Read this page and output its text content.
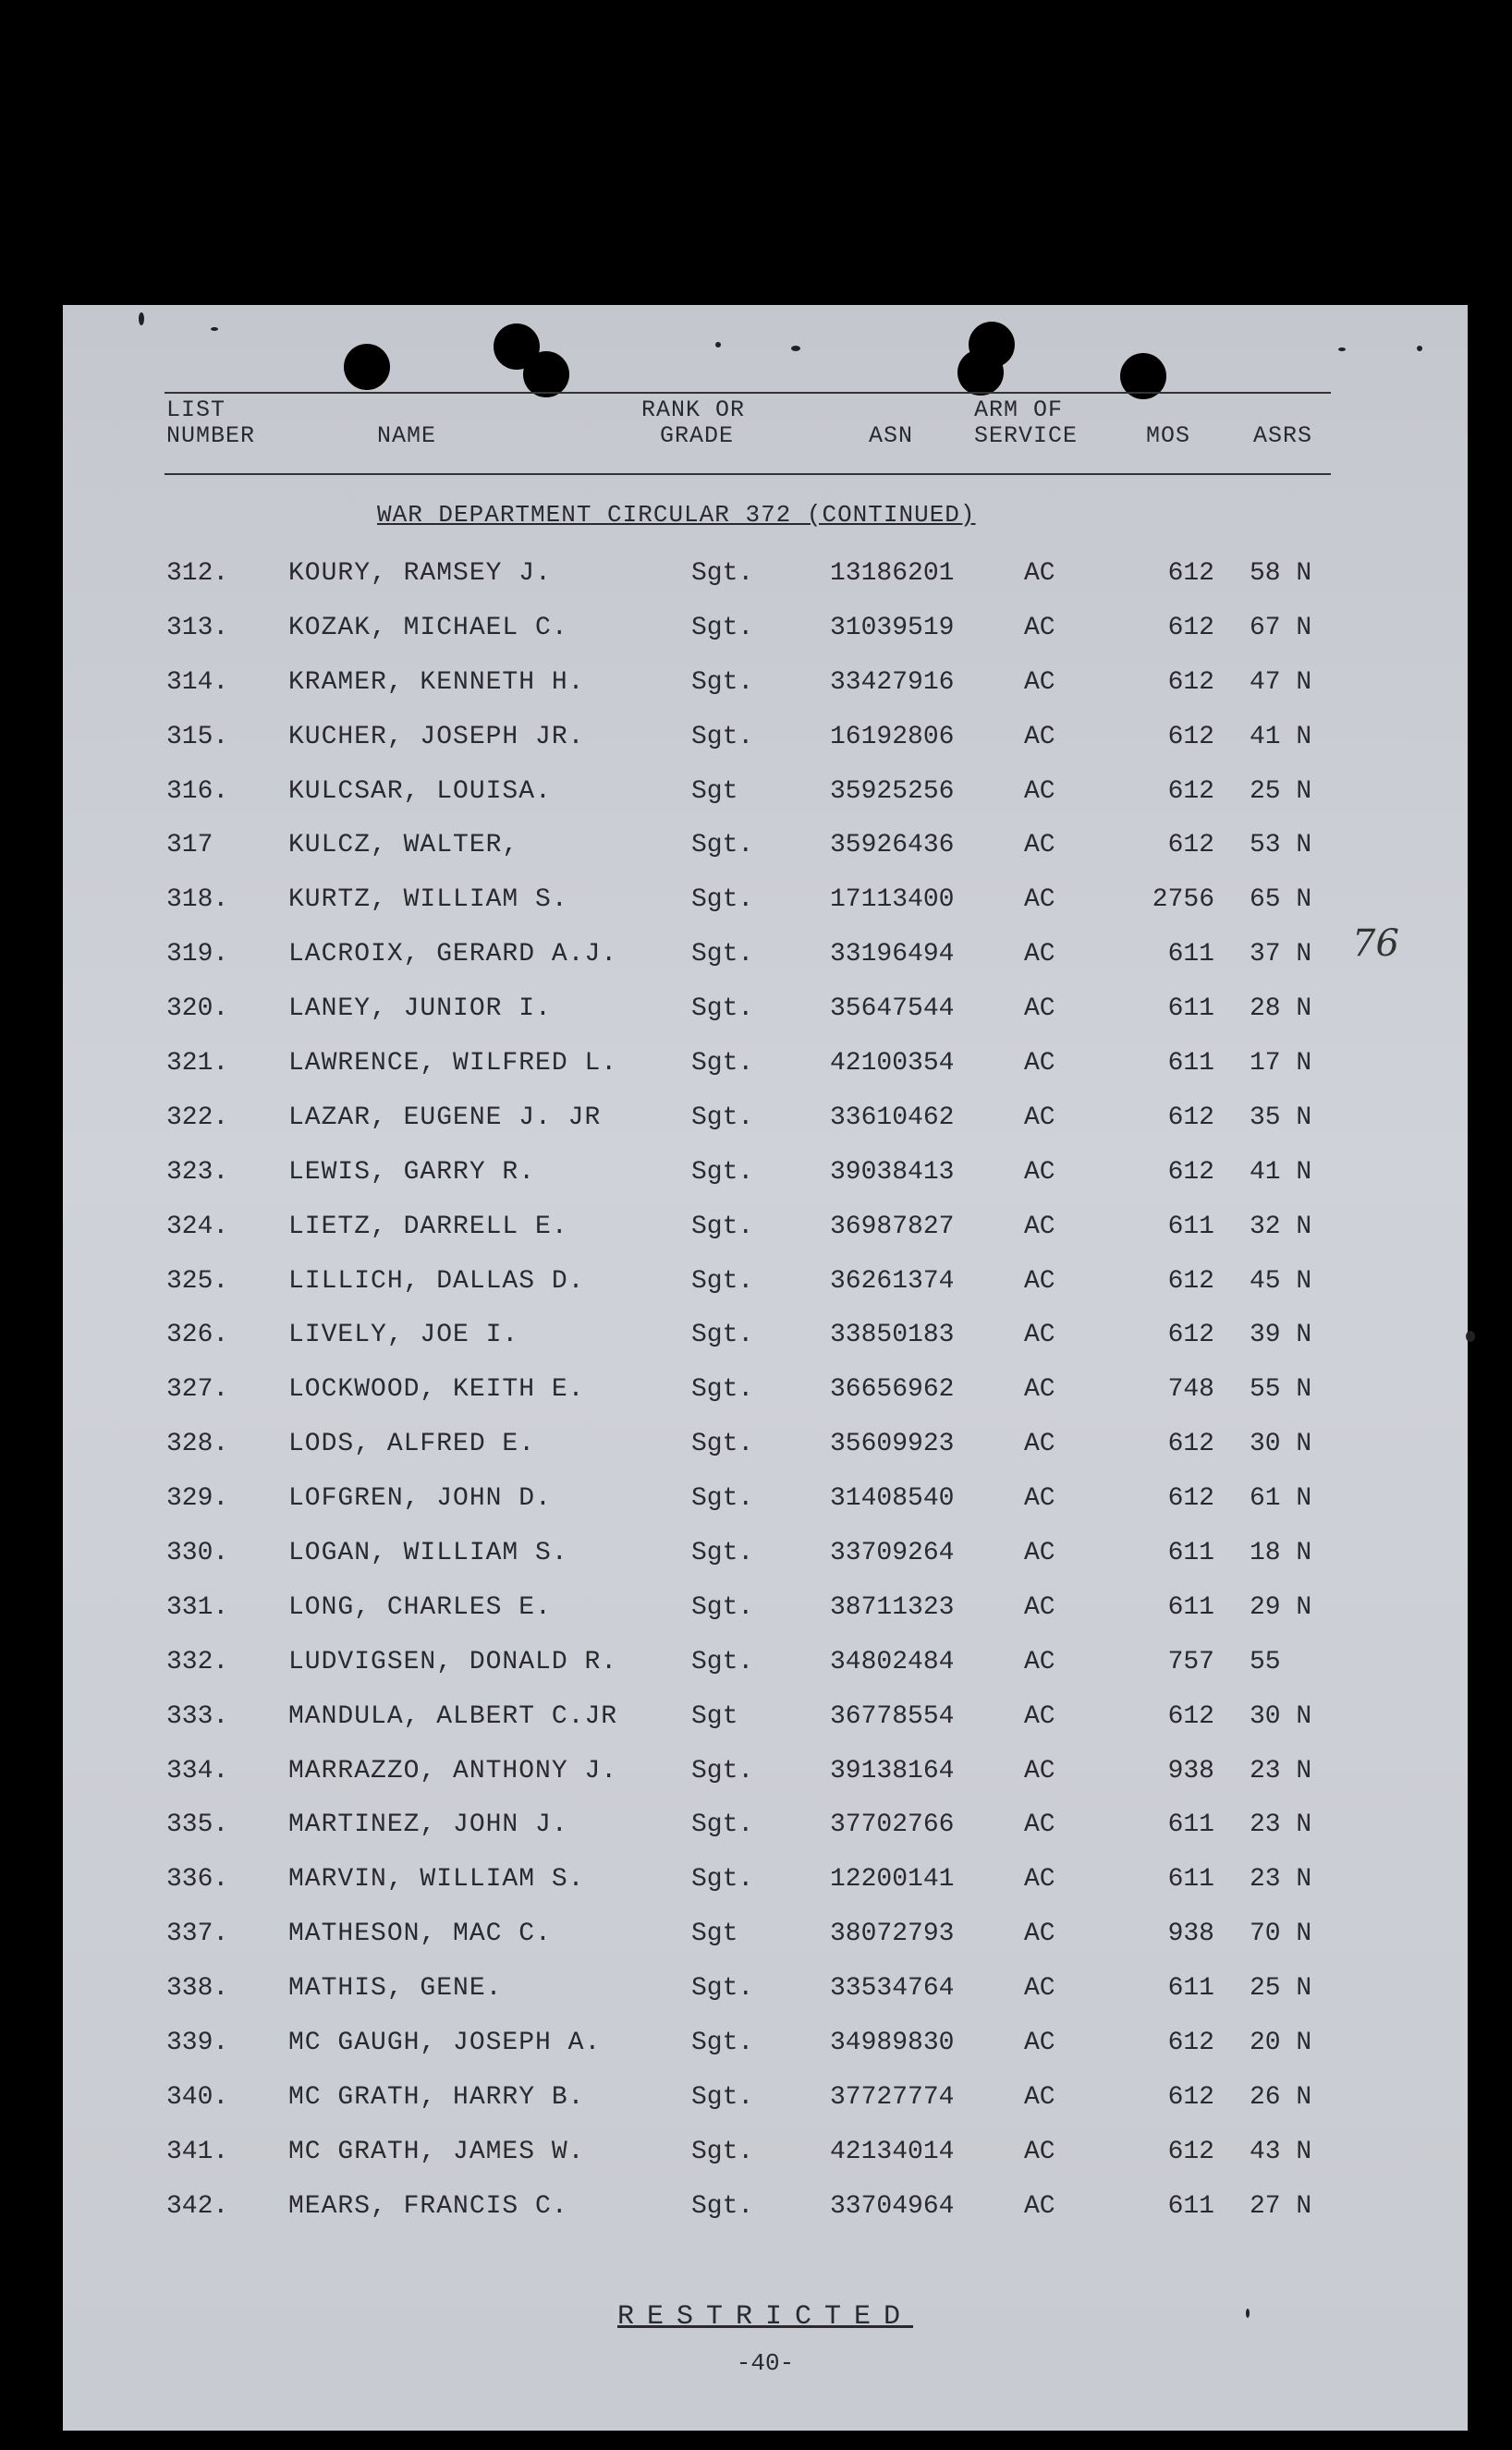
LIST
NUMBER	NAME
RANK OR
GRADE	ASN
ARM OF
SERVICE	MOS	ASRS
WAR DEPARTMENT CIRCULAR 372 (CONTINUED)
312. KOURY, RAMSEY J.	Sgt.	13186201	AC	612 58 N
313. KOZAK, MICHAEL C.	Sgt.	31039519	AC	612 67 N
314. KRAMER, KENNETH H.	Sgt.	33427916	AC	612 47 N
315. KUCHER, JOSEPH JR.	Sgt.	16192806	AC	612 41 N
316. KULCSAR, LOUISA.	Sgt	35925256	AC	612 25 N
317	KULCZ, WALTER,	Sgt.	35926436	AC	612 53 N
318. KURTZ, WILLIAM S.	Sgt.	17113400	AC	2756 65 N
319. LACROIX, GERARD A.J.	Sgt.	33196494	AC	611 37 N
320. LANEY, JUNIOR I.	Sgt.	35647544	AC	611 28 N
321. LAWRENCE, WILFRED L.	Sgt.	42100354	AC	611 17 N
322. LAZAR, EUGENE J. JR	Sgt.	33610462	AC	612 35 N
323. LEWIS, GARRY R.	Sgt.	39038413	AC	612 41 N
324. LIETZ, DARRELL E.	Sgt.	36987827	AC	611 32 N
325. LILLICH, DALLAS D.	Sgt.	36261374	AC	612 45 N
326. LIVELY, JOE I.	Sgt.	33850183	AC	612 39 N
327. LOCKWOOD, KEITH E.	Sgt.	36656962	AC	748 55 N
328. LODS, ALFRED E.	Sgt.	35609923	AC	612 30 N
329. LOFGREN, JOHN D.	Sgt.	31408540	AC	612 61 N
330. LOGAN, WILLIAM S.	Sgt.	33709264	AC	611 18 N
331. LONG, CHARLES E.	Sgt.	38711323	AC	611 29 N
332. LUDVIGSEN, DONALD R.	Sgt.	34802484	AC	757 55
333. MANDULA, ALBERT C.JR	Sgt	36778554	AC	612 30 N
334. MARRAZZO, ANTHONY J.	Sgt.	39138164	AC	938 23 N
335. MARTINEZ, JOHN J.	Sgt.	37702766	AC	611 23 N
336. MARVIN, WILLIAM S.	Sgt.	12200141	AC	611 23 N
337. MATHESON, MAC C.	Sgt	38072793	AC	938 70 N
338. MATHIS, GENE.	Sgt.	33534764	AC	611 25 N
339. MC GAUGH, JOSEPH A.	Sgt.	34989830	AC	612 20 N
340. MC GRATH, HARRY B.	Sgt.	37727774	AC	612 26 N
341. MC GRATH, JAMES W.	Sgt.	42134014	AC	612 43 N
342. MEARS, FRANCIS C.	Sgt.	33704964	AC	611 27 N
76
RESTRICTED
-40-
